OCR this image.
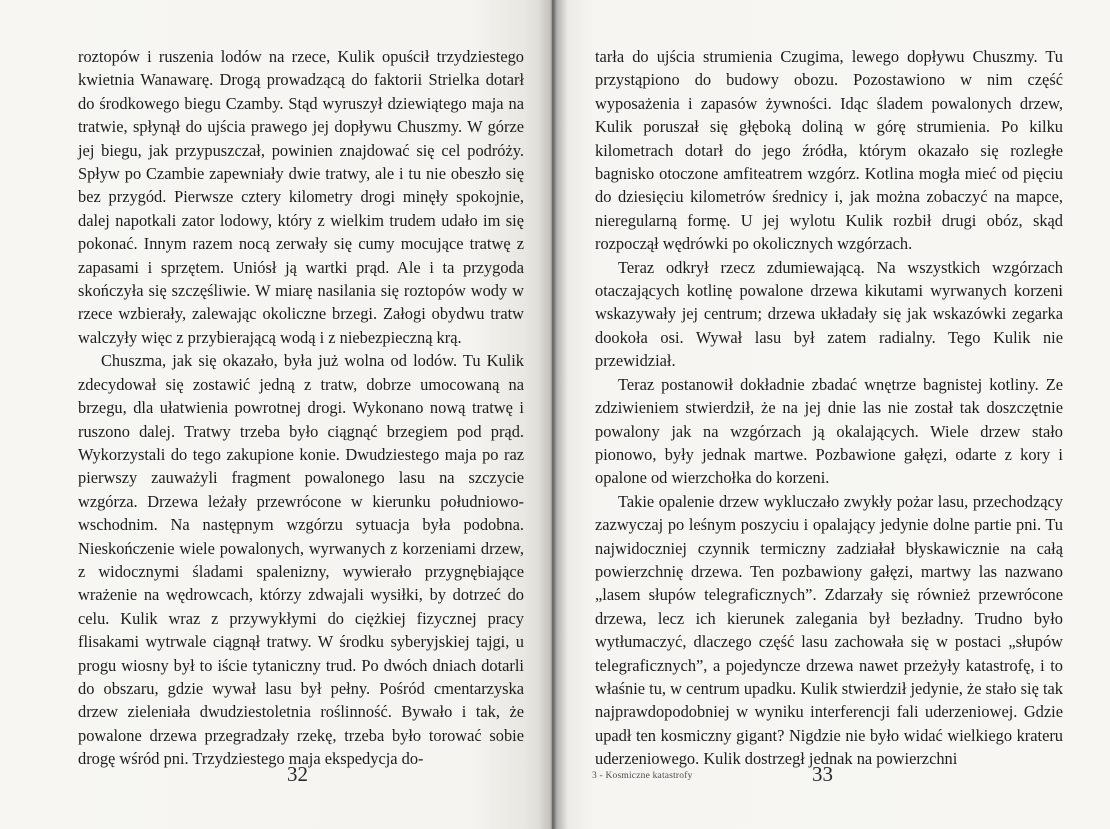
roztopów i ruszenia lodów na rzece, Kulik opuścił trzydziestego kwietnia Wanawarę. Drogą prowadzącą do faktorii Strielka dotarł do środkowego biegu Czamby. Stąd wyruszył dziewiątego maja na tratwie, spłynął do ujścia prawego jej dopływu Chuszmy. W górze jej biegu, jak przypuszczał, powinien znajdować się cel podróży. Spływ po Czambie zapewniały dwie tratwy, ale i tu nie obeszło się bez przygód. Pierwsze cztery kilometry drogi minęły spokojnie, dalej napotkali zator lodowy, który z wielkim trudem udało im się pokonać. Innym razem nocą zerwały się cumy mocujące tratwę z zapasami i sprzętem. Uniósł ją wartki prąd. Ale i ta przygoda skończyła się szczęśliwie. W miarę nasilania się roztopów wody w rzece wzbierały, zalewając okoliczne brzegi. Załogi obydwu tratw walczyły więc z przybierającą wodą i z niebezpieczną krą.

Chuszma, jak się okazało, była już wolna od lodów. Tu Kulik zdecydował się zostawić jedną z tratw, dobrze umocowaną na brzegu, dla ułatwienia powrotnej drogi. Wykonano nową tratwę i ruszono dalej. Tratwy trzeba było ciągnąć brzegiem pod prąd. Wykorzystali do tego zakupione konie. Dwudziestego maja po raz pierwszy zauważyli fragment powalonego lasu na szczycie wzgórza. Drzewa leżały przewrócone w kierunku południowo-wschodnim. Na następnym wzgórzu sytuacja była podobna. Nieskończenie wiele powalonych, wyrwanych z korzeniami drzew, z widocznymi śladami spalenizny, wywierało przygnębiające wrażenie na wędrowcach, którzy zdwajali wysiłki, by dotrzeć do celu. Kulik wraz z przywykłymi do ciężkiej fizycznej pracy flisakami wytrwale ciągnął tratwy. W środku syberyjskiej tajgi, u progu wiosny był to iście tytaniczny trud. Po dwóch dniach dotarli do obszaru, gdzie wywał lasu był pełny. Pośród cmentarzyska drzew zieleniała dwudziestoletnia roślinność. Bywało i tak, że powalone drzewa przegradzały rzekę, trzeba było torować sobie drogę wśród pni. Trzydziestego maja ekspedycja do-

32

tarła do ujścia strumienia Czugima, lewego dopływu Chuszmy. Tu przystąpiono do budowy obozu. Pozostawiono w nim część wyposażenia i zapasów żywności. Idąc śladem powalonych drzew, Kulik poruszał się głęboką doliną w górę strumienia. Po kilku kilometrach dotarł do jego źródła, którym okazało się rozległe bagnisko otoczone amfiteatrem wzgórz. Kotlina mogła mieć od pięciu do dziesięciu kilometrów średnicy i, jak można zobaczyć na mapce, nieregularną formę. U jej wylotu Kulik rozbił drugi obóz, skąd rozpoczął wędrówki po okolicznych wzgórzach.

Teraz odkrył rzecz zdumiewającą. Na wszystkich wzgórzach otaczających kotlinę powalone drzewa kikutami wyrwanych korzeni wskazywały jej centrum; drzewa układały się jak wskazówki zegarka dookoła osi. Wywał lasu był zatem radialny. Tego Kulik nie przewidział.

Teraz postanowił dokładnie zbadać wnętrze bagnistej kotliny. Ze zdziwieniem stwierdził, że na jej dnie las nie został tak doszczętnie powalony jak na wzgórzach ją okalających. Wiele drzew stało pionowo, były jednak martwe. Pozbawione gałęzi, odarte z kory i opalone od wierzchołka do korzeni.

Takie opalenie drzew wykluczało zwykły pożar lasu, przechodzący zazwyczaj po leśnym poszyciu i opalający jedynie dolne partie pni. Tu najwidoczniej czynnik termiczny zadziałał błyskawicznie na całą powierzchnię drzewa. Ten pozbawiony gałęzi, martwy las nazwano „lasem słupów telegraficznych”. Zdarzały się również przewrócone drzewa, lecz ich kierunek zalegania był bezładny. Trudno było wytłumaczyć, dlaczego część lasu zachowała się w postaci „słupów telegraficznych”, a pojedyncze drzewa nawet przeżyły katastrofę, i to właśnie tu, w centrum upadku. Kulik stwierdził jedynie, że stało się tak najprawdopodobniej w wyniku interferencji fali uderzeniowej. Gdzie upadł ten kosmiczny gigant? Nigdzie nie było widać wielkiego krateru uderzeniowego. Kulik dostrzegł jednak na powierzchni

3 - Kosmiczne katastrofy	33
